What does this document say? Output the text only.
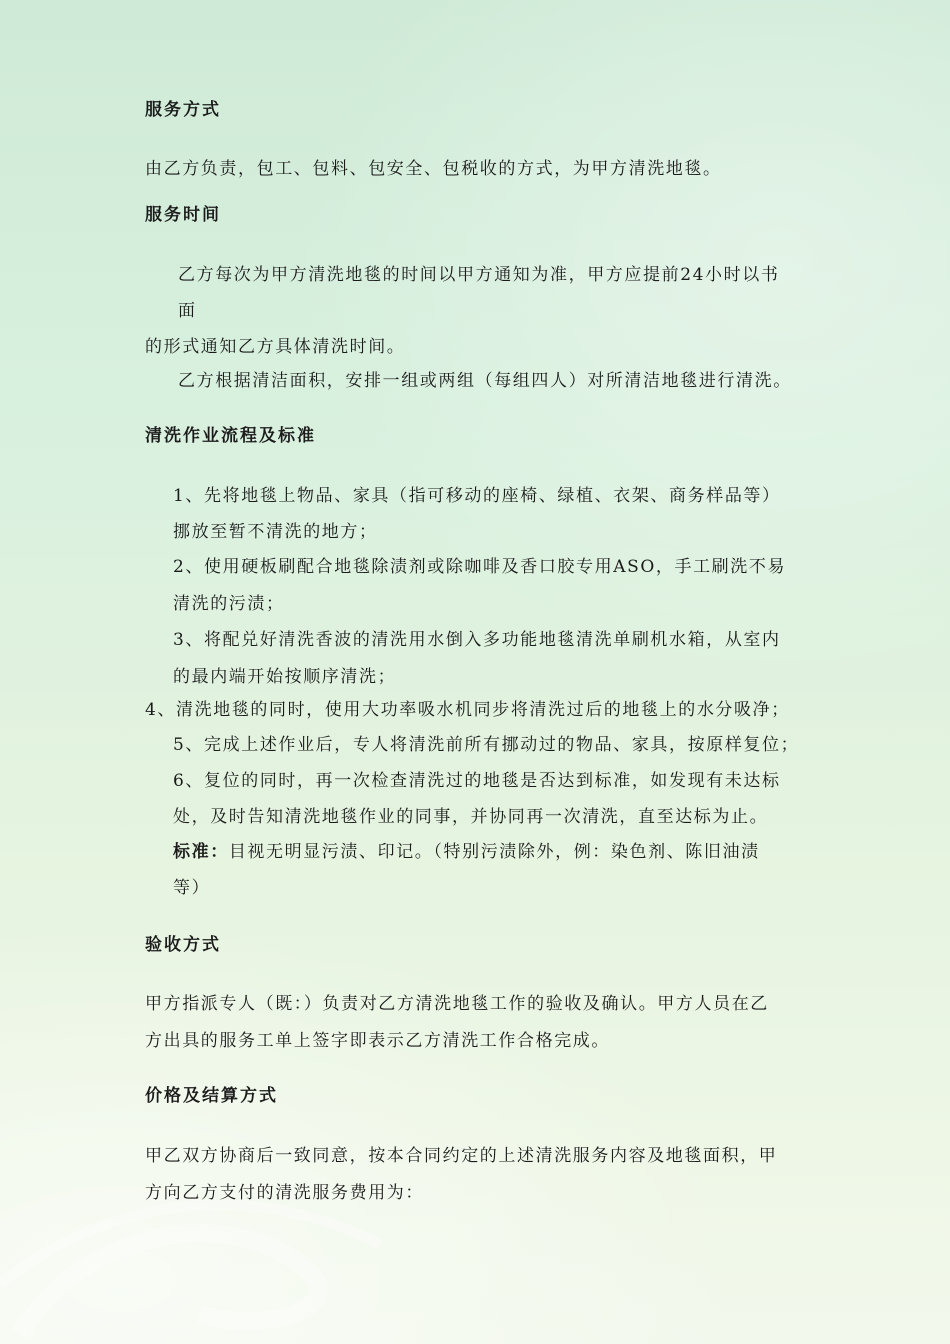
服务方式
由乙方负责，包工、包料、包安全、包税收的方式，为甲方清洗地毯。
服务时间
乙方每次为甲方清洗地毯的时间以甲方通知为准，甲方应提前24小时以书
面
的形式通知乙方具体清洗时间。
乙方根据清洁面积，安排一组或两组（每组四人）对所清洁地毯进行清洗。
清洗作业流程及标准
1、先将地毯上物品、家具（指可移动的座椅、绿植、衣架、商务样品等）
挪放至暂不清洗的地方；
2、使用硬板刷配合地毯除渍剂或除咖啡及香口胶专用ASO，手工刷洗不易
清洗的污渍；
3、将配兑好清洗香波的清洗用水倒入多功能地毯清洗单刷机水箱，从室内
的最内端开始按顺序清洗；
4、清洗地毯的同时，使用大功率吸水机同步将清洗过后的地毯上的水分吸净；
5、完成上述作业后，专人将清洗前所有挪动过的物品、家具，按原样复位；
6、复位的同时，再一次检查清洗过的地毯是否达到标准，如发现有未达标
处，及时告知清洗地毯作业的同事，并协同再一次清洗，直至达标为止。
标准：目视无明显污渍、印记。（特别污渍除外，例：染色剂、陈旧油渍
等）
验收方式
甲方指派专人（既：）负责对乙方清洗地毯工作的验收及确认。甲方人员在乙
方出具的服务工单上签字即表示乙方清洗工作合格完成。
价格及结算方式
甲乙双方协商后一致同意，按本合同约定的上述清洗服务内容及地毯面积，甲
方向乙方支付的清洗服务费用为：
